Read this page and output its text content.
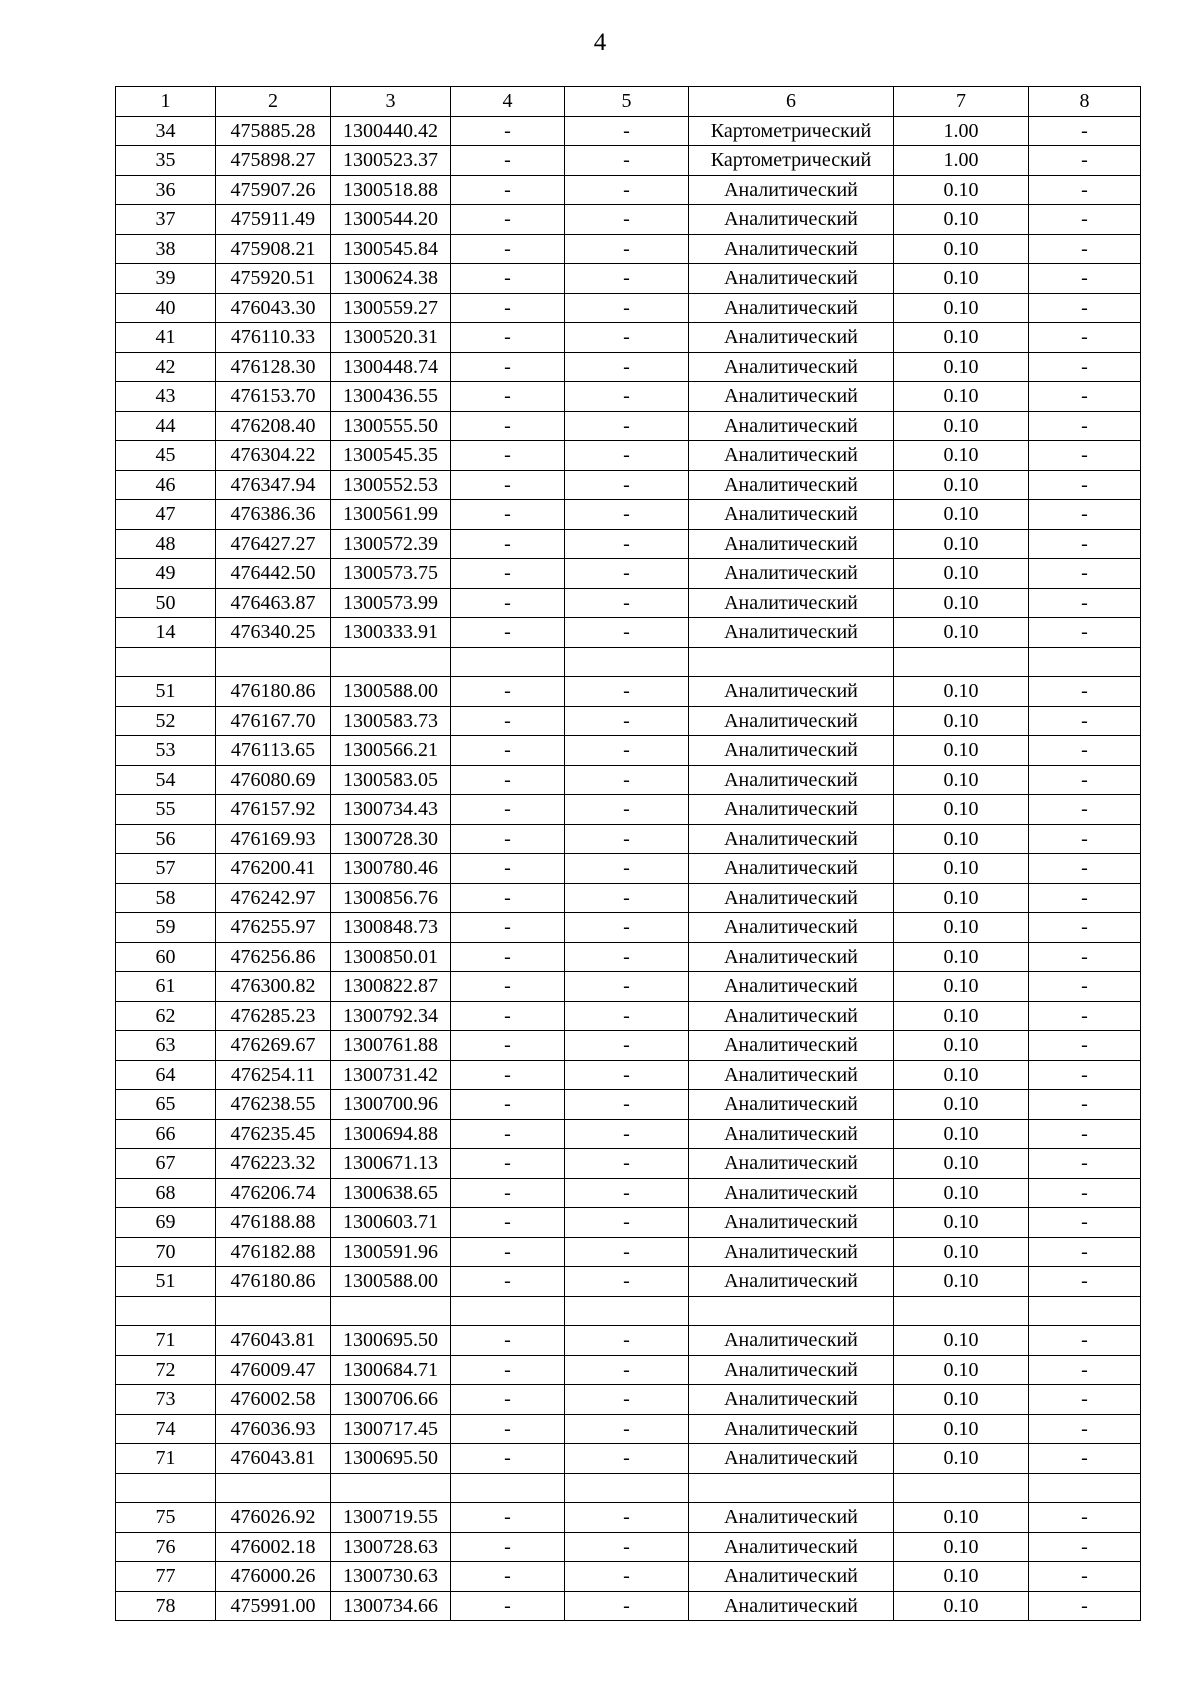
4
1	2	3	4	5	6	7	8
34	475885.28	1300440.42	-	-	Картометрический	1.00	-
35	475898.27	1300523.37	-	-	Картометрический	1.00	-
36	475907.26	1300518.88	-	-	Аналитический	0.10	-
37	475911.49	1300544.20	-	-	Аналитический	0.10	-
38	475908.21	1300545.84	-	-	Аналитический	0.10	-
39	475920.51	1300624.38	-	-	Аналитический	0.10	-
40	476043.30	1300559.27	-	-	Аналитический	0.10	-
41	476110.33	1300520.31	-	-	Аналитический	0.10	-
42	476128.30	1300448.74	-	-	Аналитический	0.10	-
43	476153.70	1300436.55	-	-	Аналитический	0.10	-
44	476208.40	1300555.50	-	-	Аналитический	0.10	-
45	476304.22	1300545.35	-	-	Аналитический	0.10	-
46	476347.94	1300552.53	-	-	Аналитический	0.10	-
47	476386.36	1300561.99	-	-	Аналитический	0.10	-
48	476427.27	1300572.39	-	-	Аналитический	0.10	-
49	476442.50	1300573.75	-	-	Аналитический	0.10	-
50	476463.87	1300573.99	-	-	Аналитический	0.10	-
14	476340.25	1300333.91	-	-	Аналитический	0.10	-

51	476180.86	1300588.00	-	-	Аналитический	0.10	-
52	476167.70	1300583.73	-	-	Аналитический	0.10	-
53	476113.65	1300566.21	-	-	Аналитический	0.10	-
54	476080.69	1300583.05	-	-	Аналитический	0.10	-
55	476157.92	1300734.43	-	-	Аналитический	0.10	-
56	476169.93	1300728.30	-	-	Аналитический	0.10	-
57	476200.41	1300780.46	-	-	Аналитический	0.10	-
58	476242.97	1300856.76	-	-	Аналитический	0.10	-
59	476255.97	1300848.73	-	-	Аналитический	0.10	-
60	476256.86	1300850.01	-	-	Аналитический	0.10	-
61	476300.82	1300822.87	-	-	Аналитический	0.10	-
62	476285.23	1300792.34	-	-	Аналитический	0.10	-
63	476269.67	1300761.88	-	-	Аналитический	0.10	-
64	476254.11	1300731.42	-	-	Аналитический	0.10	-
65	476238.55	1300700.96	-	-	Аналитический	0.10	-
66	476235.45	1300694.88	-	-	Аналитический	0.10	-
67	476223.32	1300671.13	-	-	Аналитический	0.10	-
68	476206.74	1300638.65	-	-	Аналитический	0.10	-
69	476188.88	1300603.71	-	-	Аналитический	0.10	-
70	476182.88	1300591.96	-	-	Аналитический	0.10	-
51	476180.86	1300588.00	-	-	Аналитический	0.10	-

71	476043.81	1300695.50	-	-	Аналитический	0.10	-
72	476009.47	1300684.71	-	-	Аналитический	0.10	-
73	476002.58	1300706.66	-	-	Аналитический	0.10	-
74	476036.93	1300717.45	-	-	Аналитический	0.10	-
71	476043.81	1300695.50	-	-	Аналитический	0.10	-

75	476026.92	1300719.55	-	-	Аналитический	0.10	-
76	476002.18	1300728.63	-	-	Аналитический	0.10	-
77	476000.26	1300730.63	-	-	Аналитический	0.10	-
78	475991.00	1300734.66	-	-	Аналитический	0.10	-
